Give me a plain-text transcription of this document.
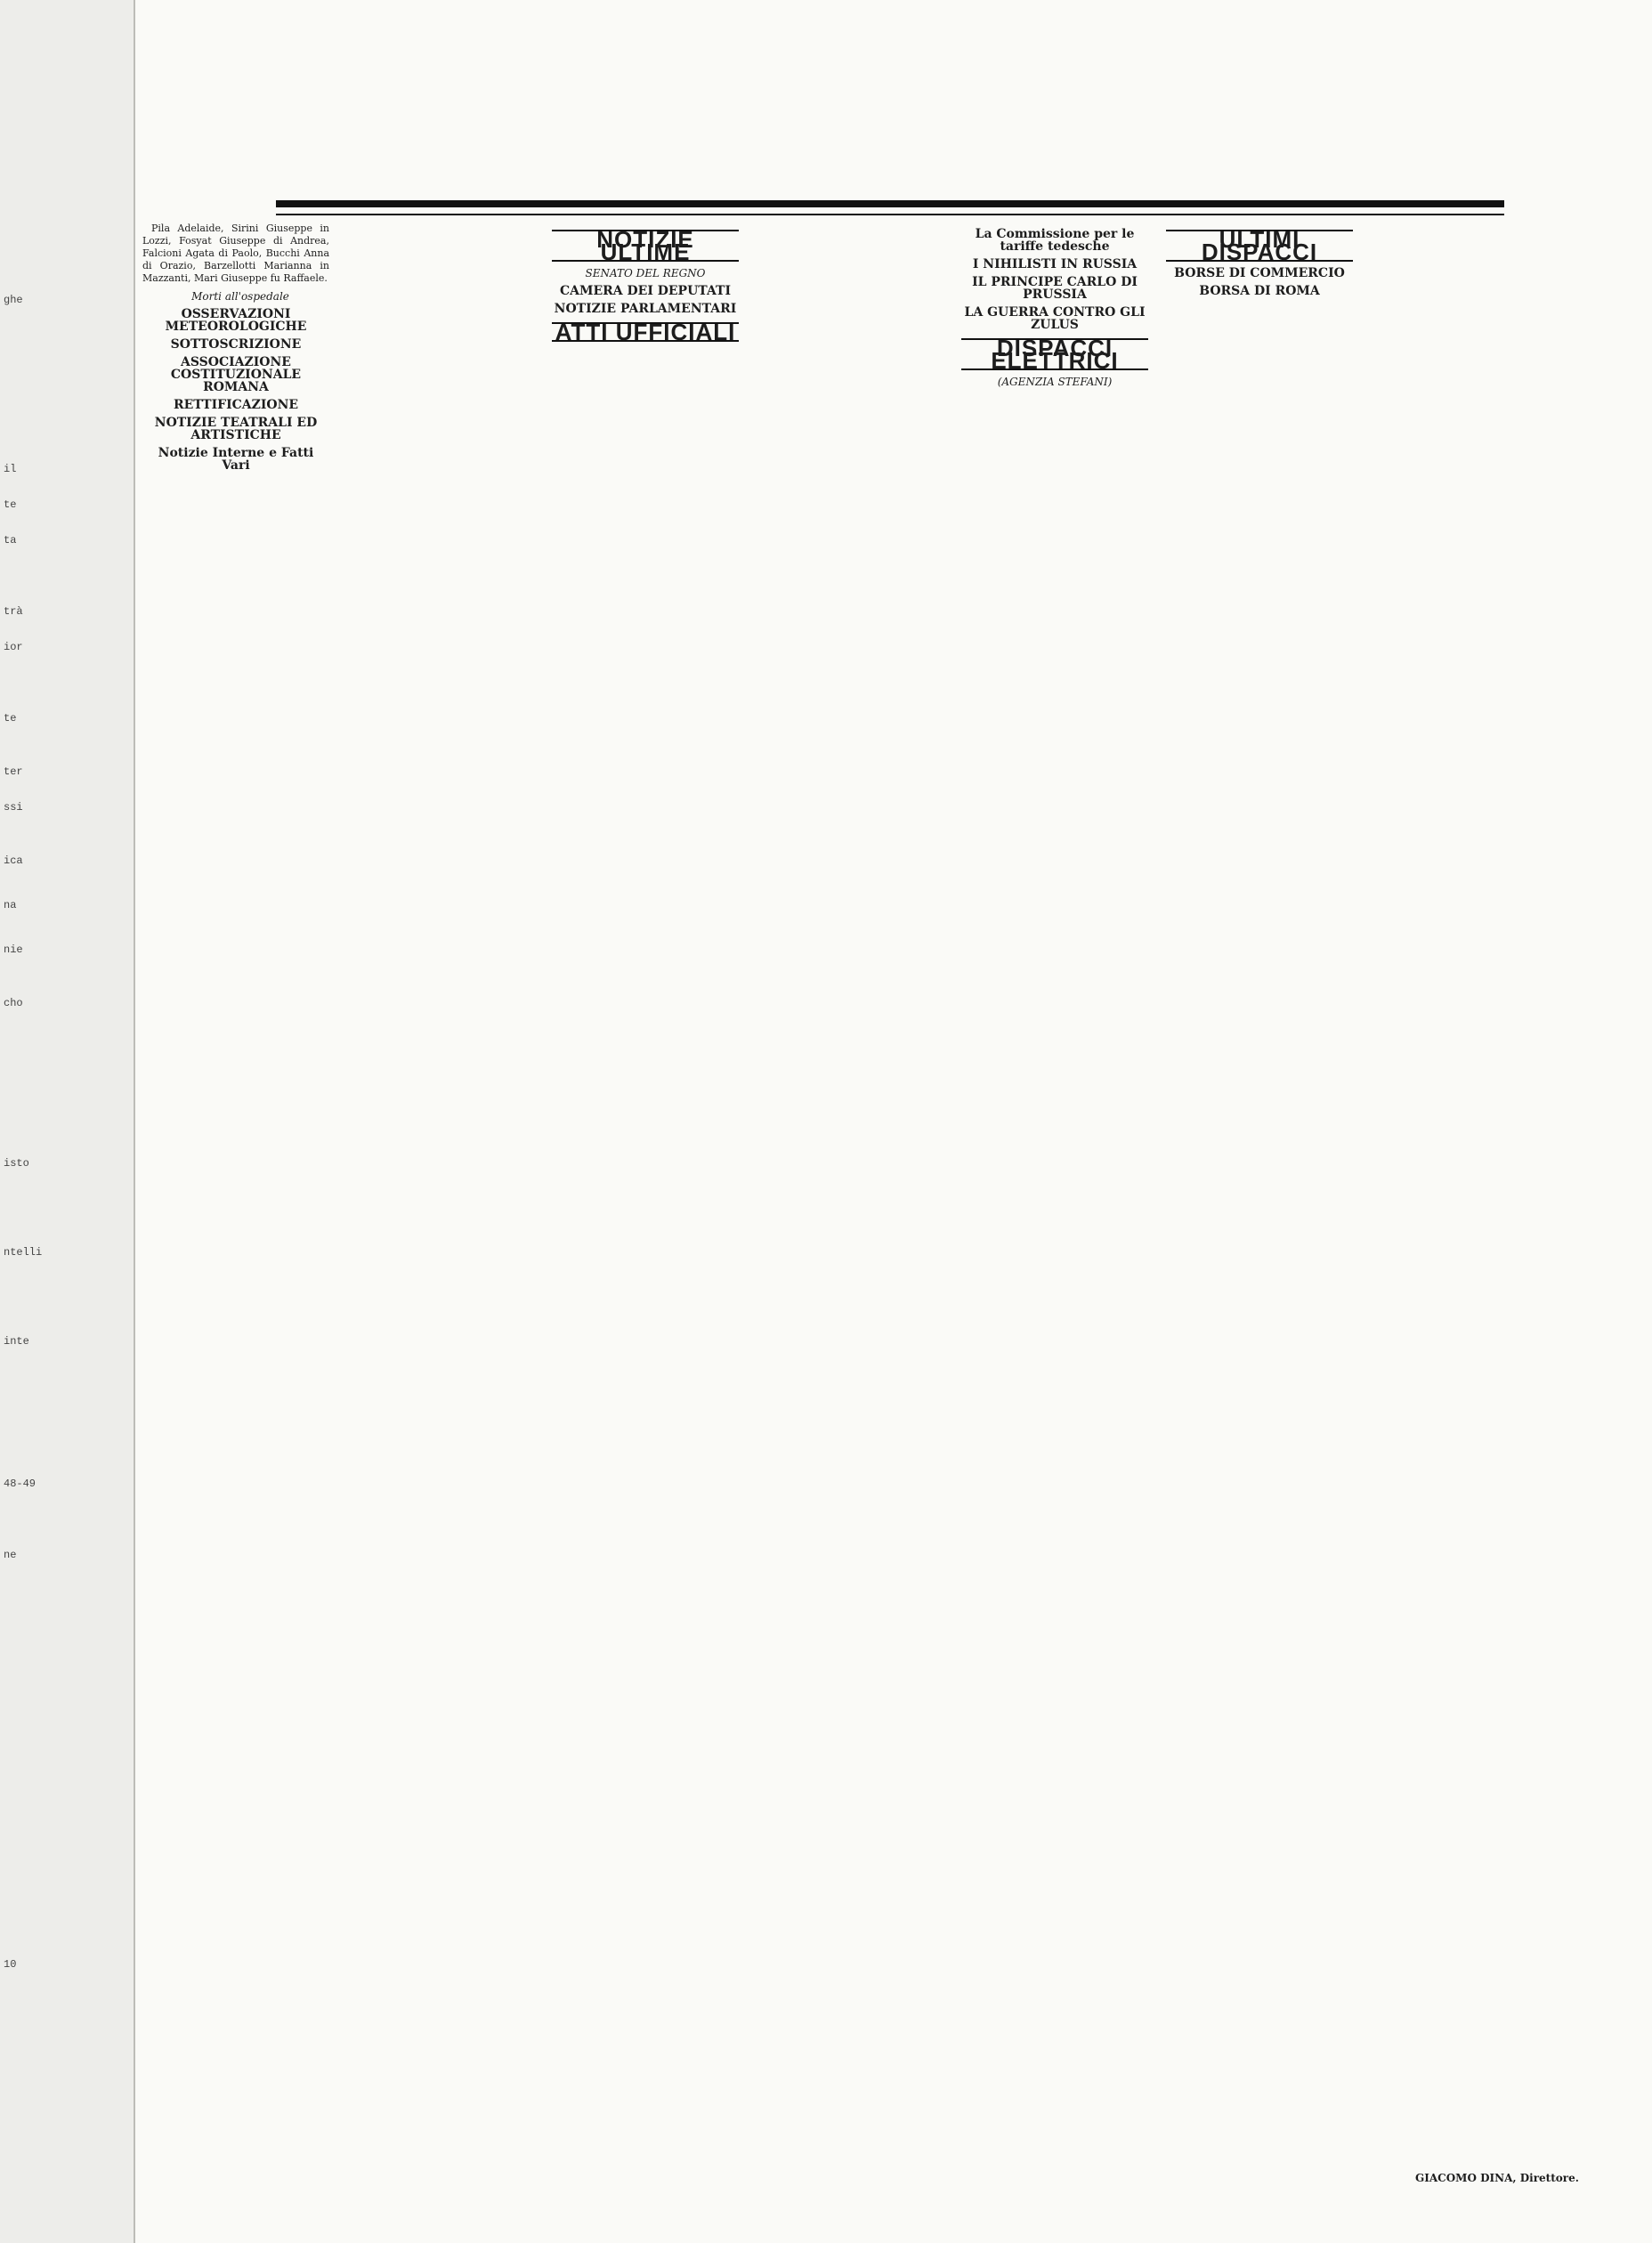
ghe
il
te
ta
trà
ior
te
ter
ssi
ica
na
nie
cho
isto
ntelli
inte
48-49
ne
10

Pila Adelaide, Sirini Giuseppe in Lozzi, Fosyat Giuseppe di Andrea, Falcioni Agata di Paolo, Bucchi Anna di Orazio, Barzellotti Marianna in Mazzanti, Mari Giuseppe fu Raffaele.

Morti all'ospedale

OSSERVAZIONI METEOROLOGICHE
SOTTOSCRIZIONE
ASSOCIAZIONE COSTITUZIONALE ROMANA
RETTIFICAZIONE
NOTIZIE TEATRALI ED ARTISTICHE
Notizie Interne e Fatti Vari
NOTIZIE ULTIME
SENATO DEL REGNO
CAMERA DEI DEPUTATI
NOTIZIE PARLAMENTARI
ATTI UFFICIALI
La Commissione per le tariffe tedesche
I NIHILISTI IN RUSSIA
IL PRINCIPE CARLO DI PRUSSIA
LA GUERRA CONTRO GLI ZULUS
DISPACCI ELETTRICI
(AGENZIA STEFANI)
ULTIMI DISPACCI
BORSE DI COMMERCIO
BORSA DI ROMA
GIACOMO DINA, Direttore.
